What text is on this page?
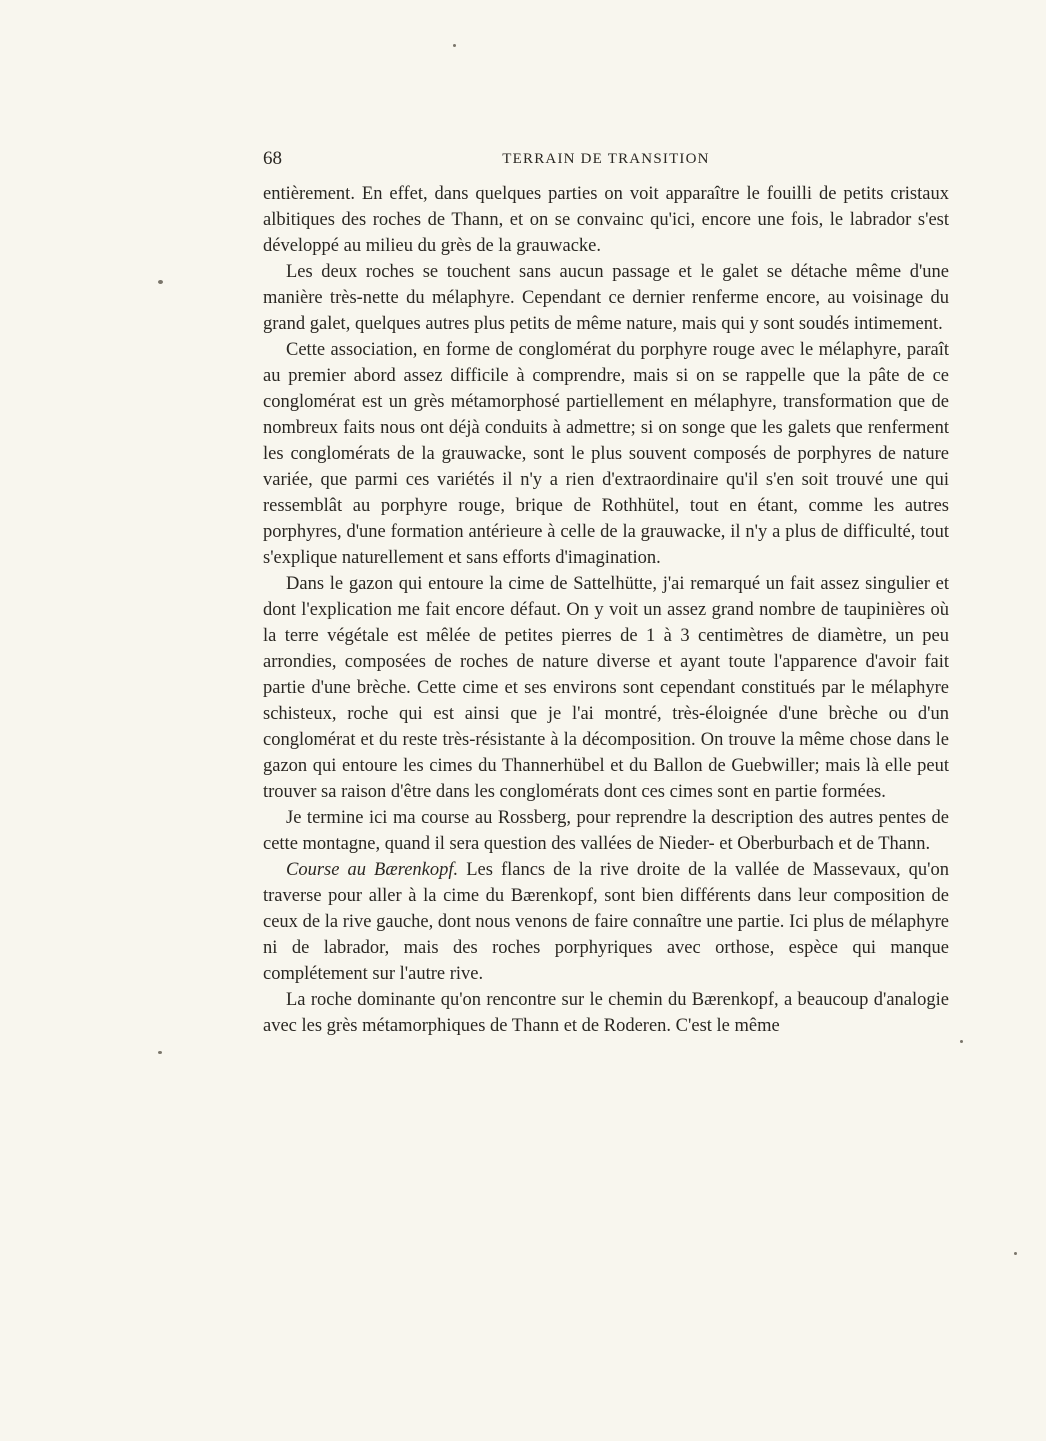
68	TERRAIN DE TRANSITION

entièrement. En effet, dans quelques parties on voit apparaître le fouilli de petits cristaux albitiques des roches de Thann, et on se convainc qu'ici, encore une fois, le labrador s'est développé au milieu du grès de la grauwacke.

Les deux roches se touchent sans aucun passage et le galet se détache même d'une manière très-nette du mélaphyre. Cependant ce dernier renferme encore, au voisinage du grand galet, quelques autres plus petits de même nature, mais qui y sont soudés intimement.

Cette association, en forme de conglomérat du porphyre rouge avec le mélaphyre, paraît au premier abord assez difficile à comprendre, mais si on se rappelle que la pâte de ce conglomérat est un grès métamorphosé partiellement en mélaphyre, transformation que de nombreux faits nous ont déjà conduits à admettre; si on songe que les galets que renferment les conglomérats de la grauwacke, sont le plus souvent composés de porphyres de nature variée, que parmi ces variétés il n'y a rien d'extraordinaire qu'il s'en soit trouvé une qui ressemblât au porphyre rouge, brique de Rothhütel, tout en étant, comme les autres porphyres, d'une formation antérieure à celle de la grauwacke, il n'y a plus de difficulté, tout s'explique naturellement et sans efforts d'imagination.

Dans le gazon qui entoure la cime de Sattelhütte, j'ai remarqué un fait assez singulier et dont l'explication me fait encore défaut. On y voit un assez grand nombre de taupinières où la terre végétale est mêlée de petites pierres de 1 à 3 centimètres de diamètre, un peu arrondies, composées de roches de nature diverse et ayant toute l'apparence d'avoir fait partie d'une brèche. Cette cime et ses environs sont cependant constitués par le mélaphyre schisteux, roche qui est ainsi que je l'ai montré, très-éloignée d'une brèche ou d'un conglomérat et du reste très-résistante à la décomposition. On trouve la même chose dans le gazon qui entoure les cimes du Thannerhübel et du Ballon de Guebwiller; mais là elle peut trouver sa raison d'être dans les conglomérats dont ces cimes sont en partie formées.

Je termine ici ma course au Rossberg, pour reprendre la description des autres pentes de cette montagne, quand il sera question des vallées de Nieder- et Oberburbach et de Thann.

Course au Bærenkopf. Les flancs de la rive droite de la vallée de Massevaux, qu'on traverse pour aller à la cime du Bærenkopf, sont bien différents dans leur composition de ceux de la rive gauche, dont nous venons de faire connaître une partie. Ici plus de mélaphyre ni de labrador, mais des roches porphyriques avec orthose, espèce qui manque complétement sur l'autre rive.

La roche dominante qu'on rencontre sur le chemin du Bærenkopf, a beaucoup d'analogie avec les grès métamorphiques de Thann et de Roderen. C'est le même
